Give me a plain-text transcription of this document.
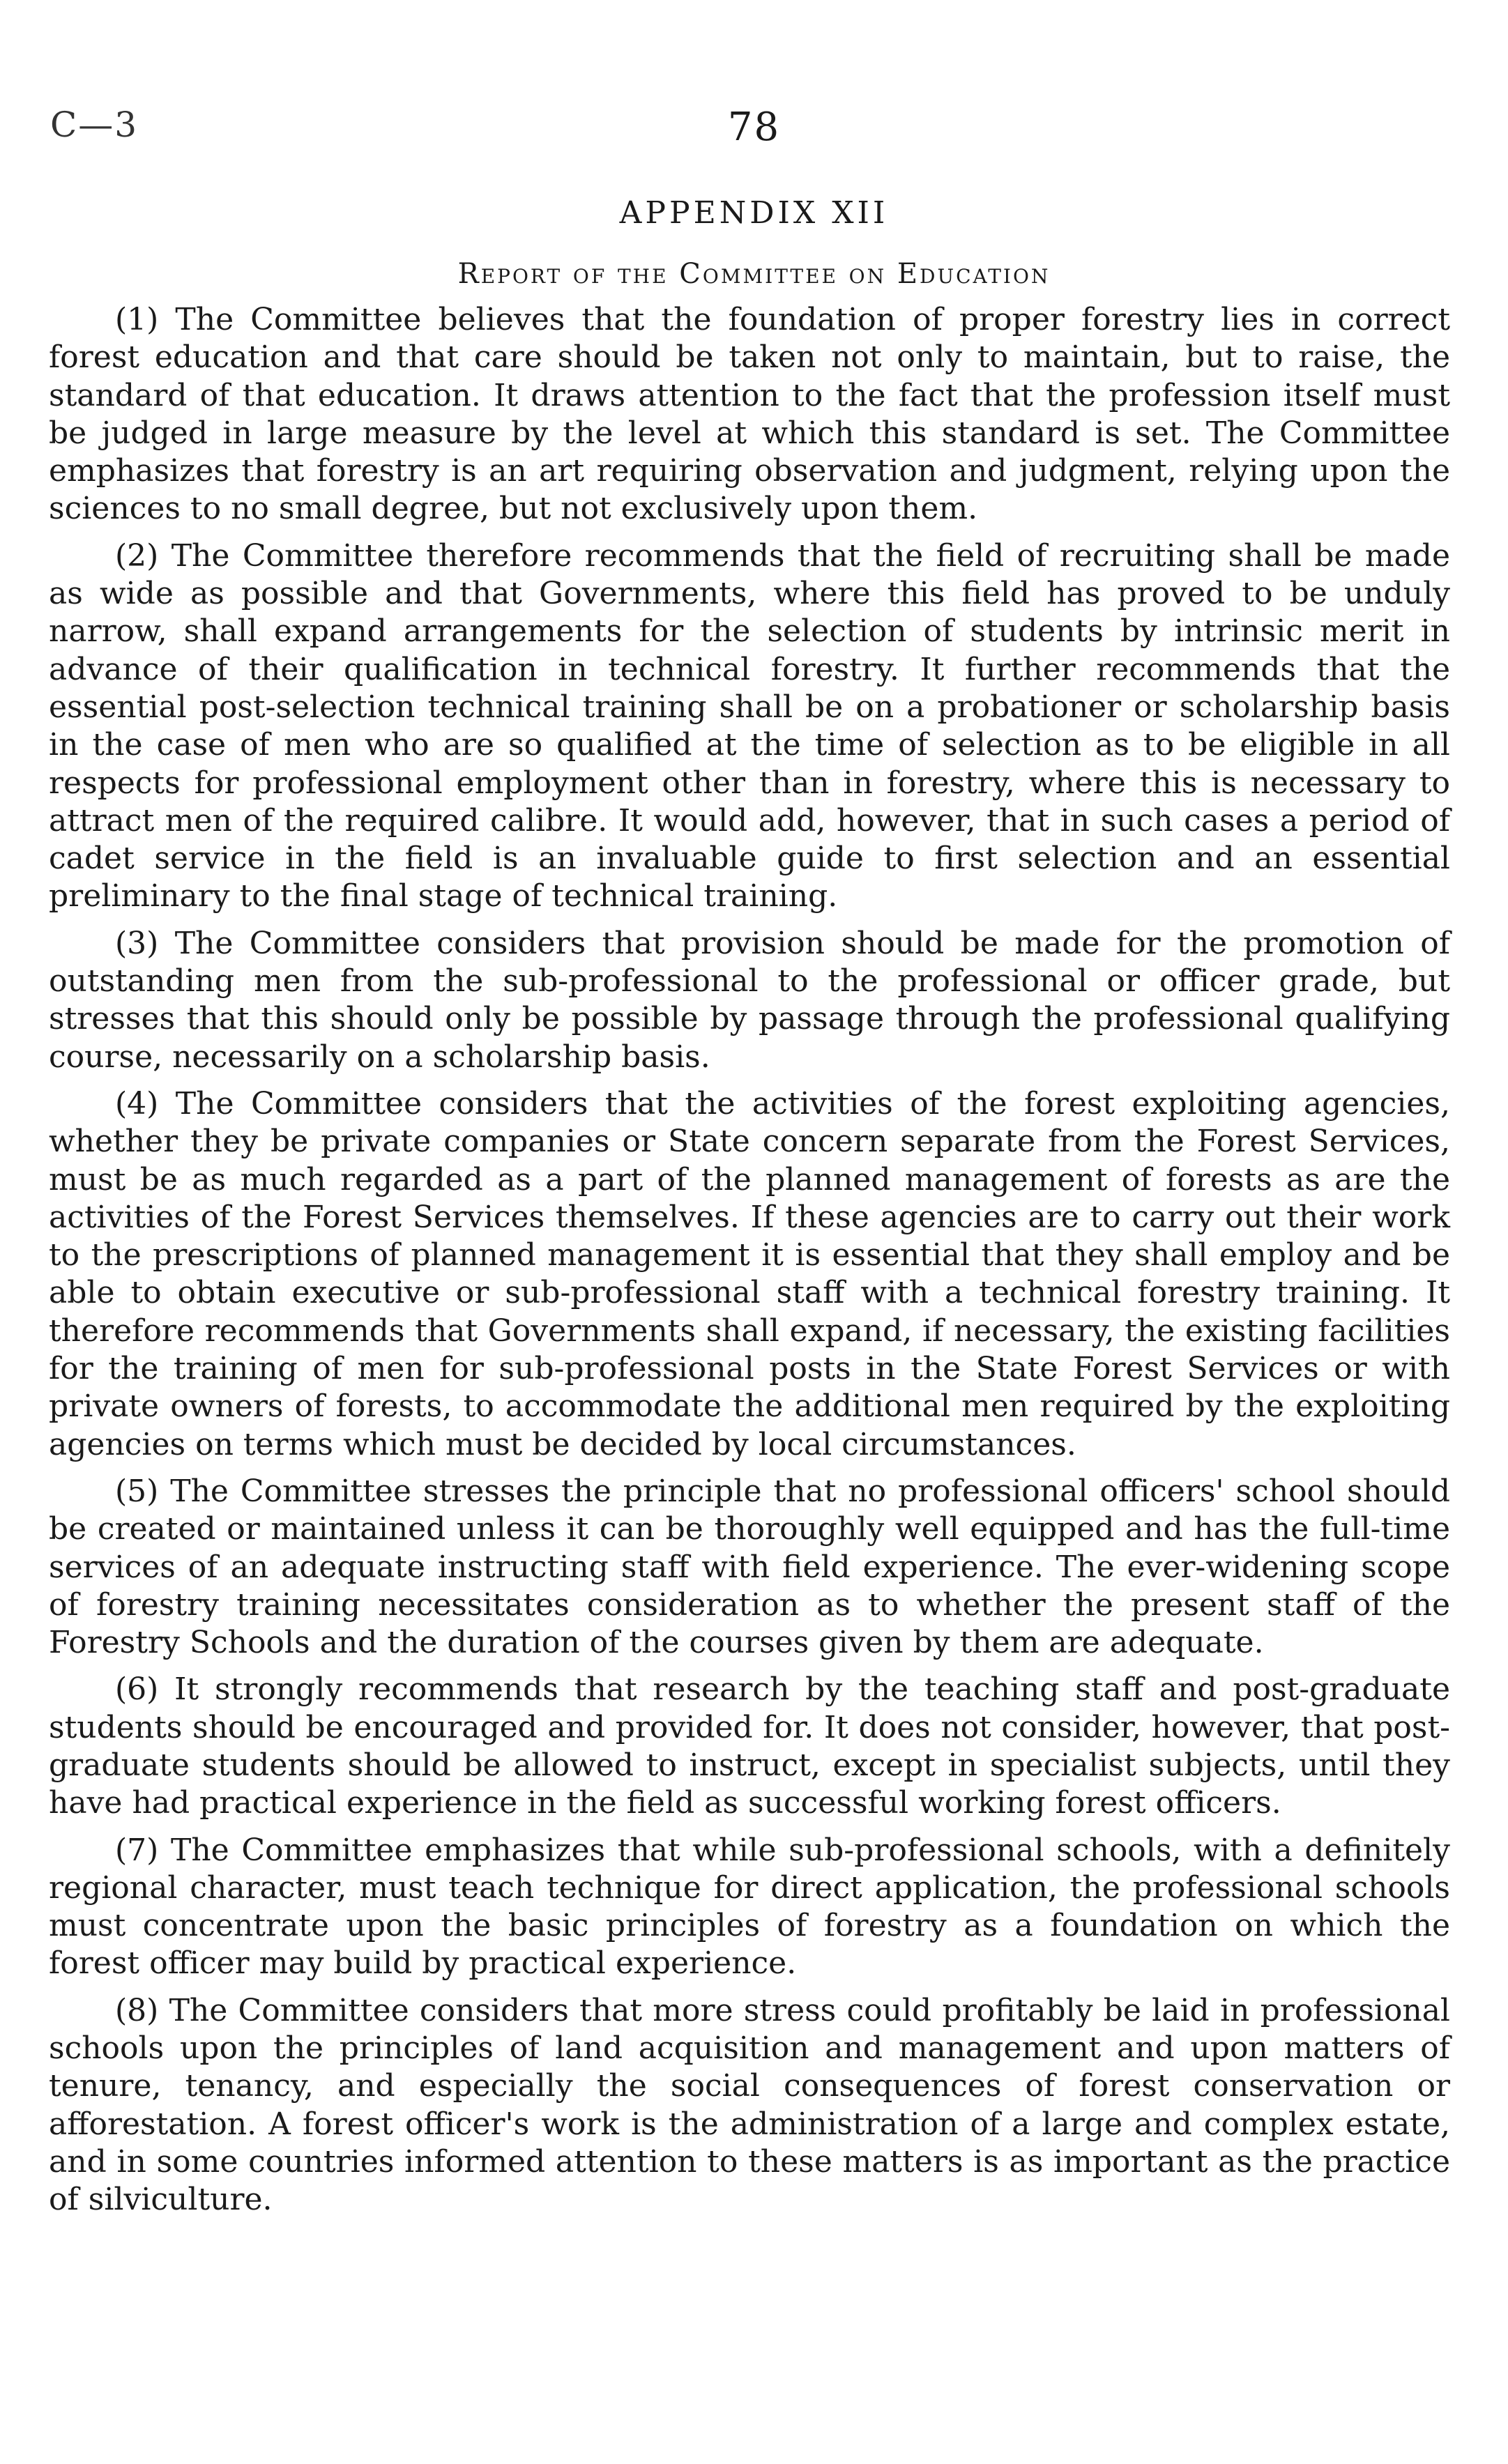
C—3	78
APPENDIX XII
Report of the Committee on Education

(1) The Committee believes that the foundation of proper forestry lies in correct forest education and that care should be taken not only to maintain, but to raise, the standard of that education. It draws attention to the fact that the profession itself must be judged in large measure by the level at which this standard is set. The Committee emphasizes that forestry is an art requiring observation and judgment, relying upon the sciences to no small degree, but not exclusively upon them.

(2) The Committee therefore recommends that the field of recruiting shall be made as wide as possible and that Governments, where this field has proved to be unduly narrow, shall expand arrangements for the selection of students by intrinsic merit in advance of their qualification in technical forestry. It further recommends that the essential post-selection technical training shall be on a probationer or scholarship basis in the case of men who are so qualified at the time of selection as to be eligible in all respects for professional employment other than in forestry, where this is necessary to attract men of the required calibre. It would add, however, that in such cases a period of cadet service in the field is an invaluable guide to first selection and an essential preliminary to the final stage of technical training.

(3) The Committee considers that provision should be made for the promotion of outstanding men from the sub-professional to the professional or officer grade, but stresses that this should only be possible by passage through the professional qualifying course, necessarily on a scholarship basis.

(4) The Committee considers that the activities of the forest exploiting agencies, whether they be private companies or State concern separate from the Forest Services, must be as much regarded as a part of the planned management of forests as are the activities of the Forest Services themselves. If these agencies are to carry out their work to the prescriptions of planned management it is essential that they shall employ and be able to obtain executive or sub-professional staff with a technical forestry training. It therefore recommends that Governments shall expand, if necessary, the existing facilities for the training of men for sub-professional posts in the State Forest Services or with private owners of forests, to accommodate the additional men required by the exploiting agencies on terms which must be decided by local circumstances.

(5) The Committee stresses the principle that no professional officers' school should be created or maintained unless it can be thoroughly well equipped and has the full-time services of an adequate instructing staff with field experience. The ever-widening scope of forestry training necessitates consideration as to whether the present staff of the Forestry Schools and the duration of the courses given by them are adequate.

(6) It strongly recommends that research by the teaching staff and post-graduate students should be encouraged and provided for. It does not consider, however, that post-graduate students should be allowed to instruct, except in specialist subjects, until they have had practical experience in the field as successful working forest officers.

(7) The Committee emphasizes that while sub-professional schools, with a definitely regional character, must teach technique for direct application, the professional schools must concentrate upon the basic principles of forestry as a foundation on which the forest officer may build by practical experience.

(8) The Committee considers that more stress could profitably be laid in professional schools upon the principles of land acquisition and management and upon matters of tenure, tenancy, and especially the social consequences of forest conservation or afforestation. A forest officer's work is the administration of a large and complex estate, and in some countries informed attention to these matters is as important as the practice of silviculture.
